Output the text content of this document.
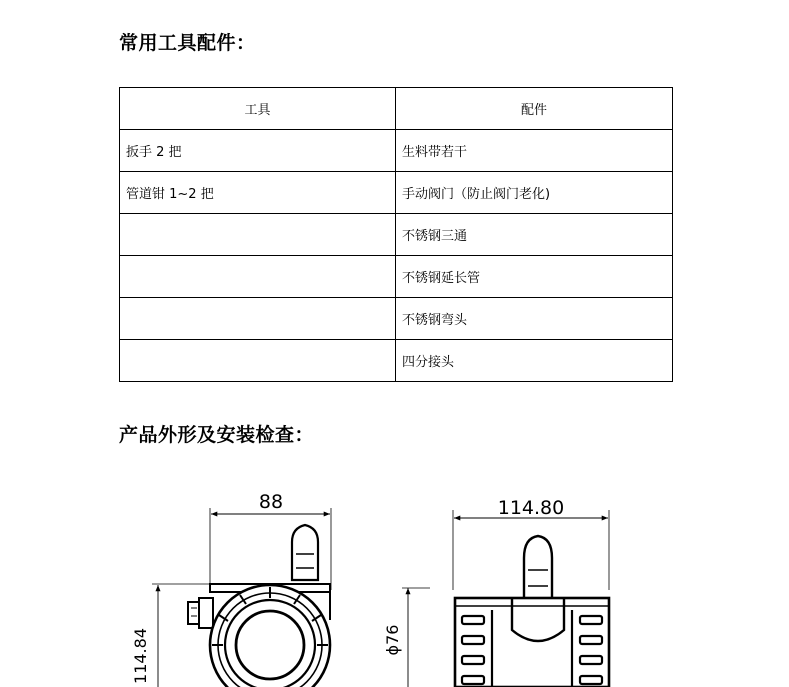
常用工具配件：
工具	配件
扳手 2 把	生料带若干
管道钳 1~2 把	手动阀门（防止阀门老化)
	不锈钢三通
	不锈钢延长管
	不锈钢弯头
	四分接头
产品外形及安装检查：
88
114.84
114.80
ϕ76
